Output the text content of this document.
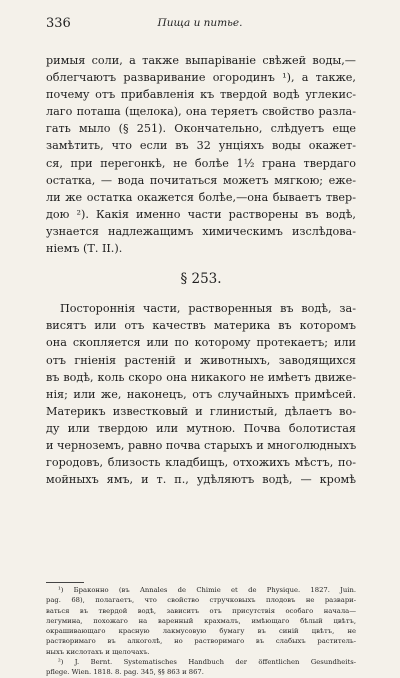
336	Пища и питье.
римыя соли, а также выпаріваніе свѣжей воды,—
облегчаютъ разваривание огородинъ ¹), а также,
почему отъ прибавленія къ твердой водѣ углекис-
лаго поташа (щелока), она теряетъ свойство разла-
гать мыло (§ 251). Окончательно, слѣдуетъ еще
замѣтить, что если въ 32 унціяхъ воды окажет-
ся, при перегонкѣ, не болѣе 1½ грана твердаго
остатка, — вода почитаться можетъ мягкою; еже-
ли же остатка окажется болѣе,—она бываетъ твер-
дою ²). Какія именно части растворены въ водѣ,
узнается надлежащимъ химическимъ изслѣдова-
ніемъ (Т. II.).
§ 253.
Постороннія части, растворенныя въ водѣ, за-
висятъ или отъ качествъ материка въ которомъ
она скопляется или по которому протекаетъ; или
отъ гніенія растеній и животныхъ, заводящихся
въ водѣ, коль скоро она никакого не имѣетъ движе-
нія; или же, наконецъ, отъ случайныхъ примѣсей.
Материкъ известковый и глинистый, дѣлаетъ во-
ду или твердою или мутною. Почва болотистая
и черноземъ, равно почва старыхъ и многолюдныхъ
городовъ, близость кладбищъ, отхожихъ мѣстъ, по-
мойныхъ ямъ, и т. п., удѣляютъ водѣ, — кромѣ
¹) Браконно (въ Annales de Chimie et de Physique. 1827. Juin.
pag. 68), полагаетъ, что свойство стручковыхъ плодовъ не развари-
ваться въ твердой водѣ, зависитъ отъ присутствія особаго начала—
легумина, похожаго на варенный крахмалъ, имѣющаго бѣлый цвѣтъ,
окрашивающаго красную лакмусовую бумагу въ синій цвѣтъ, не
растворимаго въ алкоголѣ, но растворимаго въ слабыхъ раститель-
ныхъ кислотахъ и щелочахъ.
²) J. Bernt. Systematisches Handbuch der öffentlichen Gesundheits-
pflege. Wien. 1818. 8. pag. 345, §§ 863 и 867.
